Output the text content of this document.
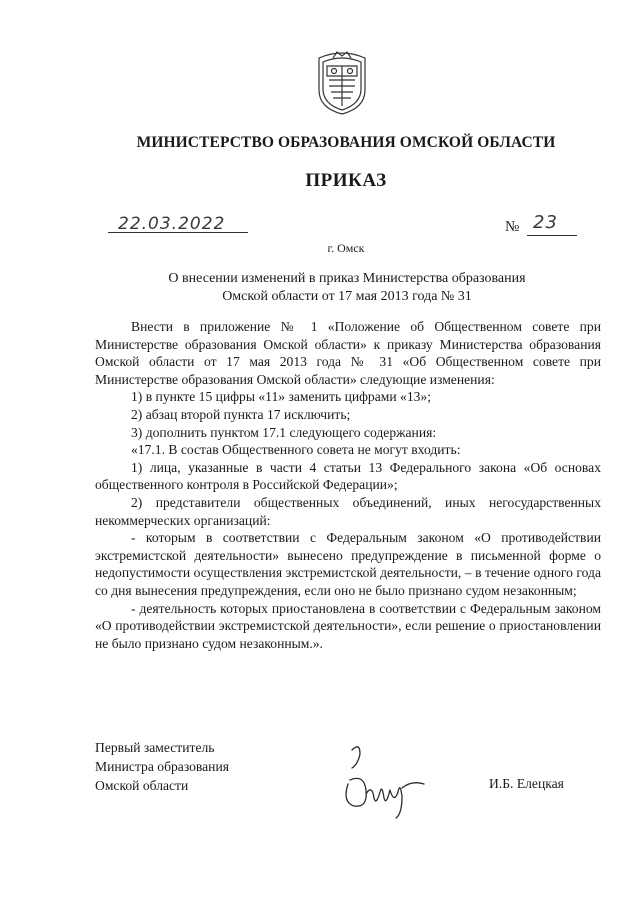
МИНИСТЕРСТВО ОБРАЗОВАНИЯ ОМСКОЙ ОБЛАСТИ
ПРИКАЗ
22.03.2022	№ 23
г. Омск
О внесении изменений в приказ Министерства образования
Омской области от 17 мая 2013 года № 31

Внести в приложение № 1 «Положение об Общественном совете при Министерстве образования Омской области» к приказу Министерства образования Омской области от 17 мая 2013 года № 31 «Об Общественном совете при Министерстве образования Омской области» следующие изменения:

1) в пункте 15 цифры «11» заменить цифрами «13»;

2) абзац второй пункта 17 исключить;

3) дополнить пунктом 17.1 следующего содержания:

«17.1. В состав Общественного совета не могут входить:

1) лица, указанные в части 4 статьи 13 Федерального закона «Об основах общественного контроля в Российской Федерации»;

2) представители общественных объединений, иных негосударственных некоммерческих организаций:

- которым в соответствии с Федеральным законом «О противодействии экстремистской деятельности» вынесено предупреждение в письменной форме о недопустимости осуществления экстремистской деятельности, – в течение одного года со дня вынесения предупреждения, если оно не было признано судом незаконным;

- деятельность которых приостановлена в соответствии с Федеральным законом «О противодействии экстремистской деятельности», если решение о приостановлении не было признано судом незаконным.».

Первый заместитель
Министра образования
Омской области	И.Б. Елецкая
